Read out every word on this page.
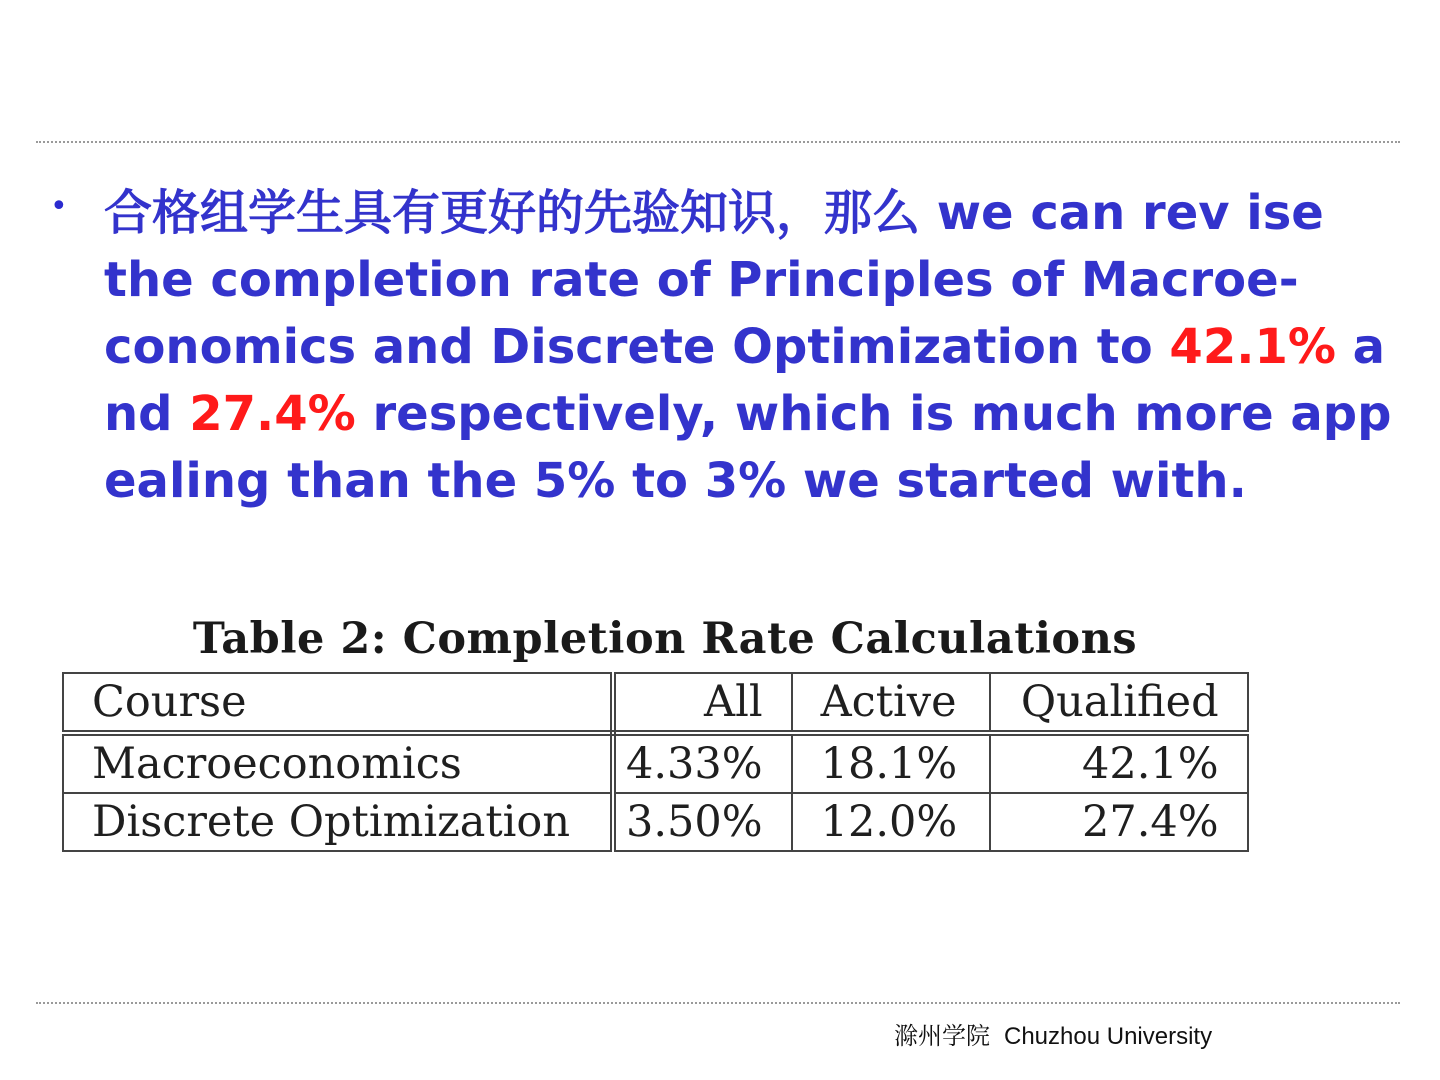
• 合格组学生具有更好的先验知识，那么 we can rev ise the completion rate of Principles of Macroe-conomics and Discrete Optimization to 42.1% a nd 27.4% respectively, which is much more app ealing than the 5% to 3% we started with.

Table 2: Completion Rate Calculations
Course	All	Active	Qualified
Macroeconomics	4.33%	18.1%	42.1%
Discrete Optimization	3.50%	12.0%	27.4%
滁州学院 Chuzhou University
